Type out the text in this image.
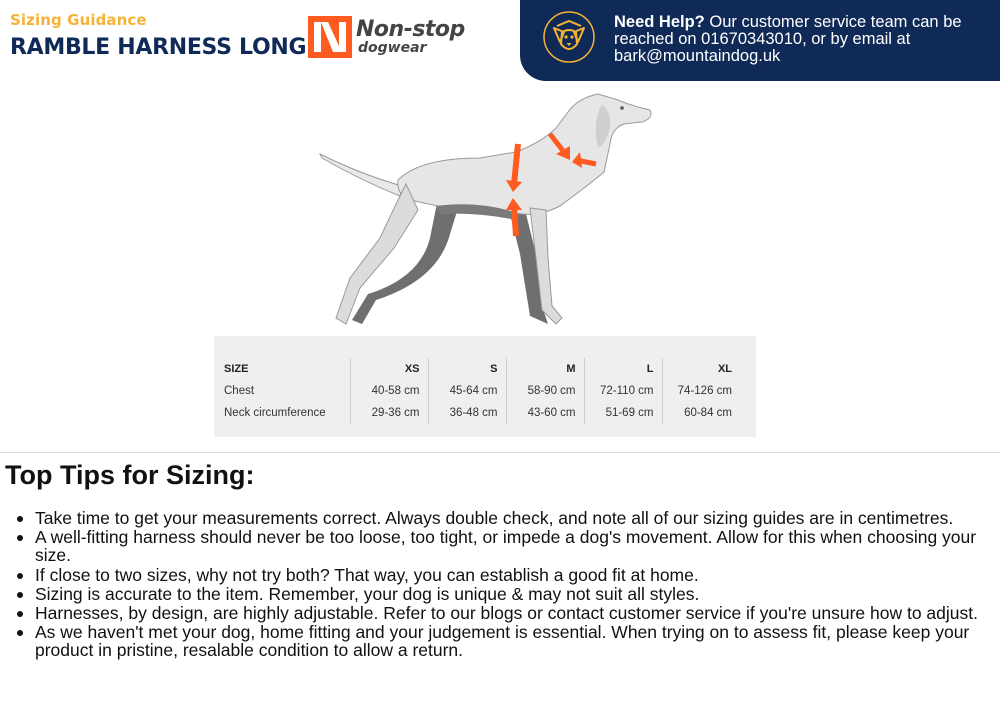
Sizing Guidance
RAMBLE HARNESS LONG
Non-stop
dogwear
Need Help? Our customer service team can be reached on 01670343010, or by email at bark@mountaindog.uk
SIZE	XS	S	M	L	XL
Chest	40-58 cm	45-64 cm	58-90 cm	72-110 cm	74-126 cm
Neck circumference	29-36 cm	36-48 cm	43-60 cm	51-69 cm	60-84 cm
Top Tips for Sizing:
Take time to get your measurements correct. Always double check, and note all of our sizing guides are in centimetres.
A well-fitting harness should never be too loose, too tight, or impede a dog's movement. Allow for this when choosing your size.
If close to two sizes, why not try both? That way, you can establish a good fit at home.
Sizing is accurate to the item. Remember, your dog is unique & may not suit all styles.
Harnesses, by design, are highly adjustable. Refer to our blogs or contact customer service if you're unsure how to adjust.
As we haven't met your dog, home fitting and your judgement is essential. When trying on to assess fit, please keep your product in pristine, resalable condition to allow a return.
